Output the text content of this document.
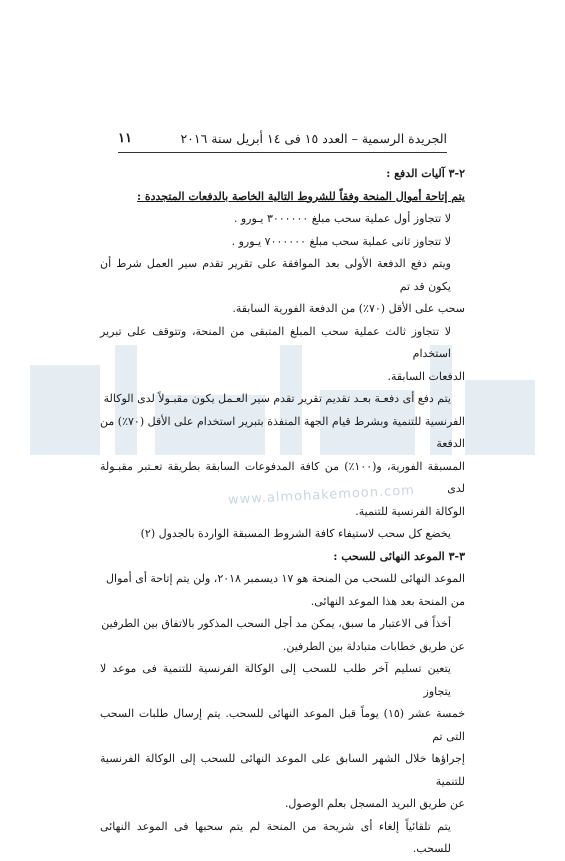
www.almohakemoon.com
الجريدة الرسمية – العدد ١٥ فى ١٤ أبريل سنة ٢٠١٦
١١

٢-٣ آليات الدفع :

يتم إتاحة أموال المنحة وفقاً للشروط التالية الخاصة بالدفعات المتجددة :

لا تتجاوز أول عملية سحب مبلغ ٣٠٠٠٠٠٠ يـورو .

لا تتجاوز ثانى عملية سحب مبلغ ٧٠٠٠٠٠٠ يـورو .

ويتم دفع الدفعة الأولى بعد الموافقة على تقرير تقدم سير العمل شرط أن يكون قد تم

سحب على الأقل (٧٠٪) من الدفعة الفورية السابقة.

لا تتجاوز ثالث عملية سحب المبلغ المتبقى من المنحة، وتتوقف على تبرير استخدام

الدفعات السابقة.

يتم دفع أى دفعـة بعـد تقديم تقرير تقدم سير العـمل يكون مقبـولاً لدى الوكالة

الفرنسية للتنمية وبشرط قيام الجهة المنفذة بتبرير استخدام على الأقل (٧٠٪) من الدفعة

المسبقة الفورية، و(١٠٠٪) من كافة المدفوعات السابقة بطريقة تعـتبر مقبـولة لدى

الوكالة الفرنسية للتنمية.

يخضع كل سحب لاستيفاء كافة الشروط المسبقة الواردة بالجدول (٢)

٣-٣ الموعد النهائى للسحب :

الموعد النهائى للسحب من المنحة هو ١٧ ديسمبر ٢٠١٨، ولن يتم إتاحة أى أموال

من المنحة بعد هذا الموعد النهائى.

أخذاً فى الاعتبار ما سبق، يمكن مد أجل السحب المذكور بالاتفاق بين الطرفين

عن طريق خطابات متبادلة بين الطرفين.

يتعين تسليم آخر طلب للسحب إلى الوكالة الفرنسية للتنمية فى موعد لا يتجاوز

خمسة عشر (١٥) يوماً قبل الموعد النهائى للسحب. يتم إرسال طلبات السحب التى تم

إجراؤها خلال الشهر السابق على الموعد النهائى للسحب إلى الوكالة الفرنسية للتنمية

عن طريق البريد المسجل بعلم الوصول.

يتم تلقائياً إلغاء أى شريحة من المنحة لم يتم سحبها فى الموعد النهائى للسحب.
